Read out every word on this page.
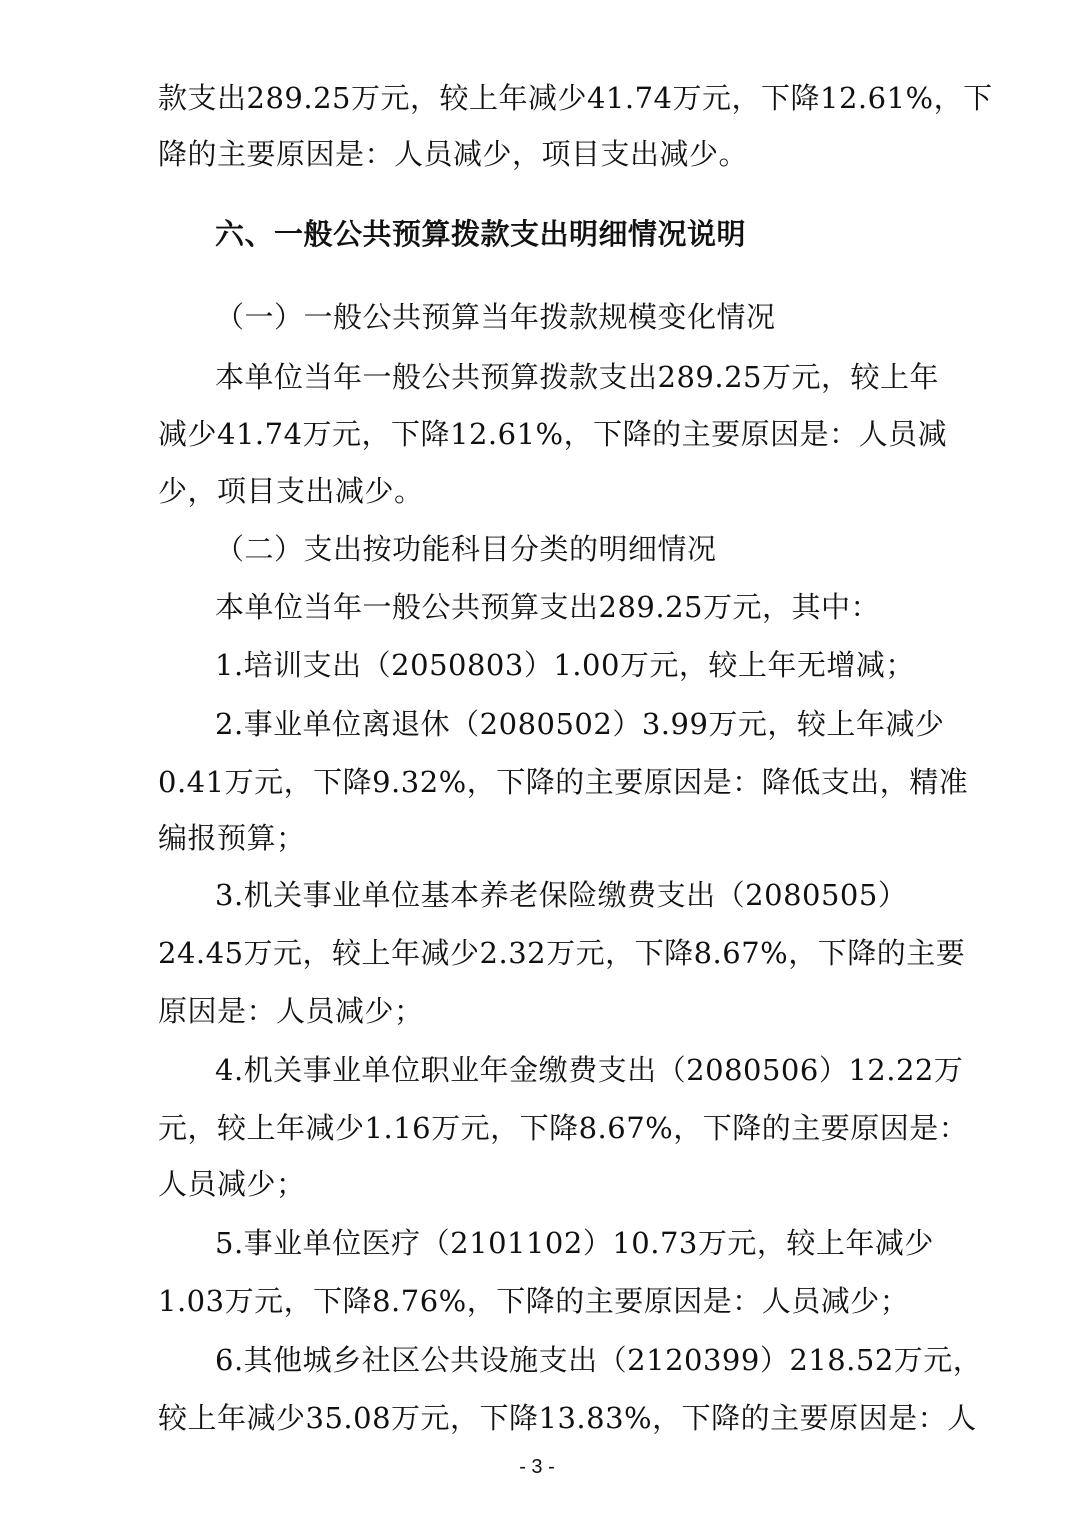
款支出289.25万元，较上年减少41.74万元，下降12.61%，下
降的主要原因是：人员减少，项目支出减少。
六、一般公共预算拨款支出明细情况说明
（一）一般公共预算当年拨款规模变化情况
本单位当年一般公共预算拨款支出289.25万元，较上年
减少41.74万元，下降12.61%，下降的主要原因是：人员减
少，项目支出减少。
（二）支出按功能科目分类的明细情况
本单位当年一般公共预算支出289.25万元，其中：
1.培训支出（2050803）1.00万元，较上年无增减；
2.事业单位离退休（2080502）3.99万元，较上年减少
0.41万元，下降9.32%，下降的主要原因是：降低支出，精准
编报预算；
3.机关事业单位基本养老保险缴费支出（2080505）
24.45万元，较上年减少2.32万元，下降8.67%，下降的主要
原因是：人员减少；
4.机关事业单位职业年金缴费支出（2080506）12.22万
元，较上年减少1.16万元，下降8.67%，下降的主要原因是：
人员减少；
5.事业单位医疗（2101102）10.73万元，较上年减少
1.03万元，下降8.76%，下降的主要原因是：人员减少；
6.其他城乡社区公共设施支出（2120399）218.52万元，
较上年减少35.08万元，下降13.83%，下降的主要原因是：人
- 3 -
